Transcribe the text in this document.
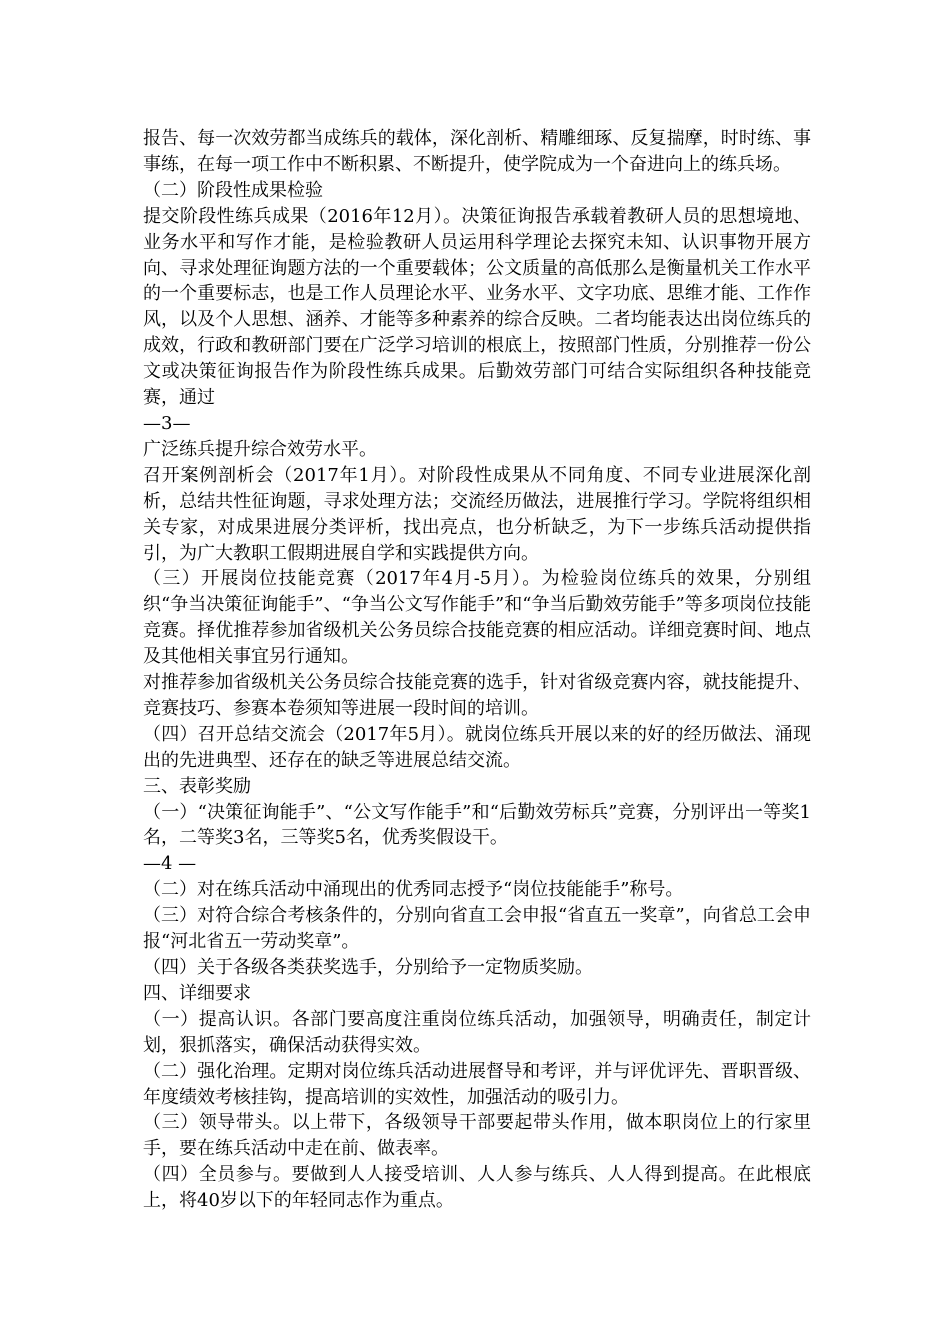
报告、每一次效劳都当成练兵的载体，深化剖析、精雕细琢、反复揣摩，时时练、事事练，在每一项工作中不断积累、不断提升，使学院成为一个奋进向上的练兵场。

（二）阶段性成果检验

提交阶段性练兵成果（2016年12月）。决策征询报告承载着教研人员的思想境地、业务水平和写作才能，是检验教研人员运用科学理论去探究未知、认识事物开展方向、寻求处理征询题方法的一个重要载体；公文质量的高低那么是衡量机关工作水平的一个重要标志，也是工作人员理论水平、业务水平、文字功底、思维才能、工作作风，以及个人思想、涵养、才能等多种素养的综合反映。二者均能表达出岗位练兵的成效，行政和教研部门要在广泛学习培训的根底上，按照部门性质，分别推荐一份公文或决策征询报告作为阶段性练兵成果。后勤效劳部门可结合实际组织各种技能竞赛，通过

—3—

广泛练兵提升综合效劳水平。

召开案例剖析会（2017年1月）。对阶段性成果从不同角度、不同专业进展深化剖析，总结共性征询题，寻求处理方法；交流经历做法，进展推行学习。学院将组织相关专家，对成果进展分类评析，找出亮点，也分析缺乏，为下一步练兵活动提供指引，为广大教职工假期进展自学和实践提供方向。

（三）开展岗位技能竞赛（2017年4月-5月）。为检验岗位练兵的效果，分别组织“争当决策征询能手”、“争当公文写作能手”和“争当后勤效劳能手”等多项岗位技能竞赛。择优推荐参加省级机关公务员综合技能竞赛的相应活动。详细竞赛时间、地点及其他相关事宜另行通知。

对推荐参加省级机关公务员综合技能竞赛的选手，针对省级竞赛内容，就技能提升、竞赛技巧、参赛本卷须知等进展一段时间的培训。

（四）召开总结交流会（2017年5月）。就岗位练兵开展以来的好的经历做法、涌现出的先进典型、还存在的缺乏等进展总结交流。

三、表彰奖励

（一）“决策征询能手”、“公文写作能手”和“后勤效劳标兵”竞赛，分别评出一等奖1名，二等奖3名，三等奖5名，优秀奖假设干。

—4 —

（二）对在练兵活动中涌现出的优秀同志授予“岗位技能能手”称号。

（三）对符合综合考核条件的，分别向省直工会申报“省直五一奖章”，向省总工会申报“河北省五一劳动奖章”。

（四）关于各级各类获奖选手，分别给予一定物质奖励。

四、详细要求

（一）提高认识。各部门要高度注重岗位练兵活动，加强领导，明确责任，制定计划，狠抓落实，确保活动获得实效。

（二）强化治理。定期对岗位练兵活动进展督导和考评，并与评优评先、晋职晋级、年度绩效考核挂钩，提高培训的实效性，加强活动的吸引力。

（三）领导带头。以上带下，各级领导干部要起带头作用，做本职岗位上的行家里手，要在练兵活动中走在前、做表率。

（四）全员参与。要做到人人接受培训、人人参与练兵、人人得到提高。在此根底上，将40岁以下的年轻同志作为重点。
